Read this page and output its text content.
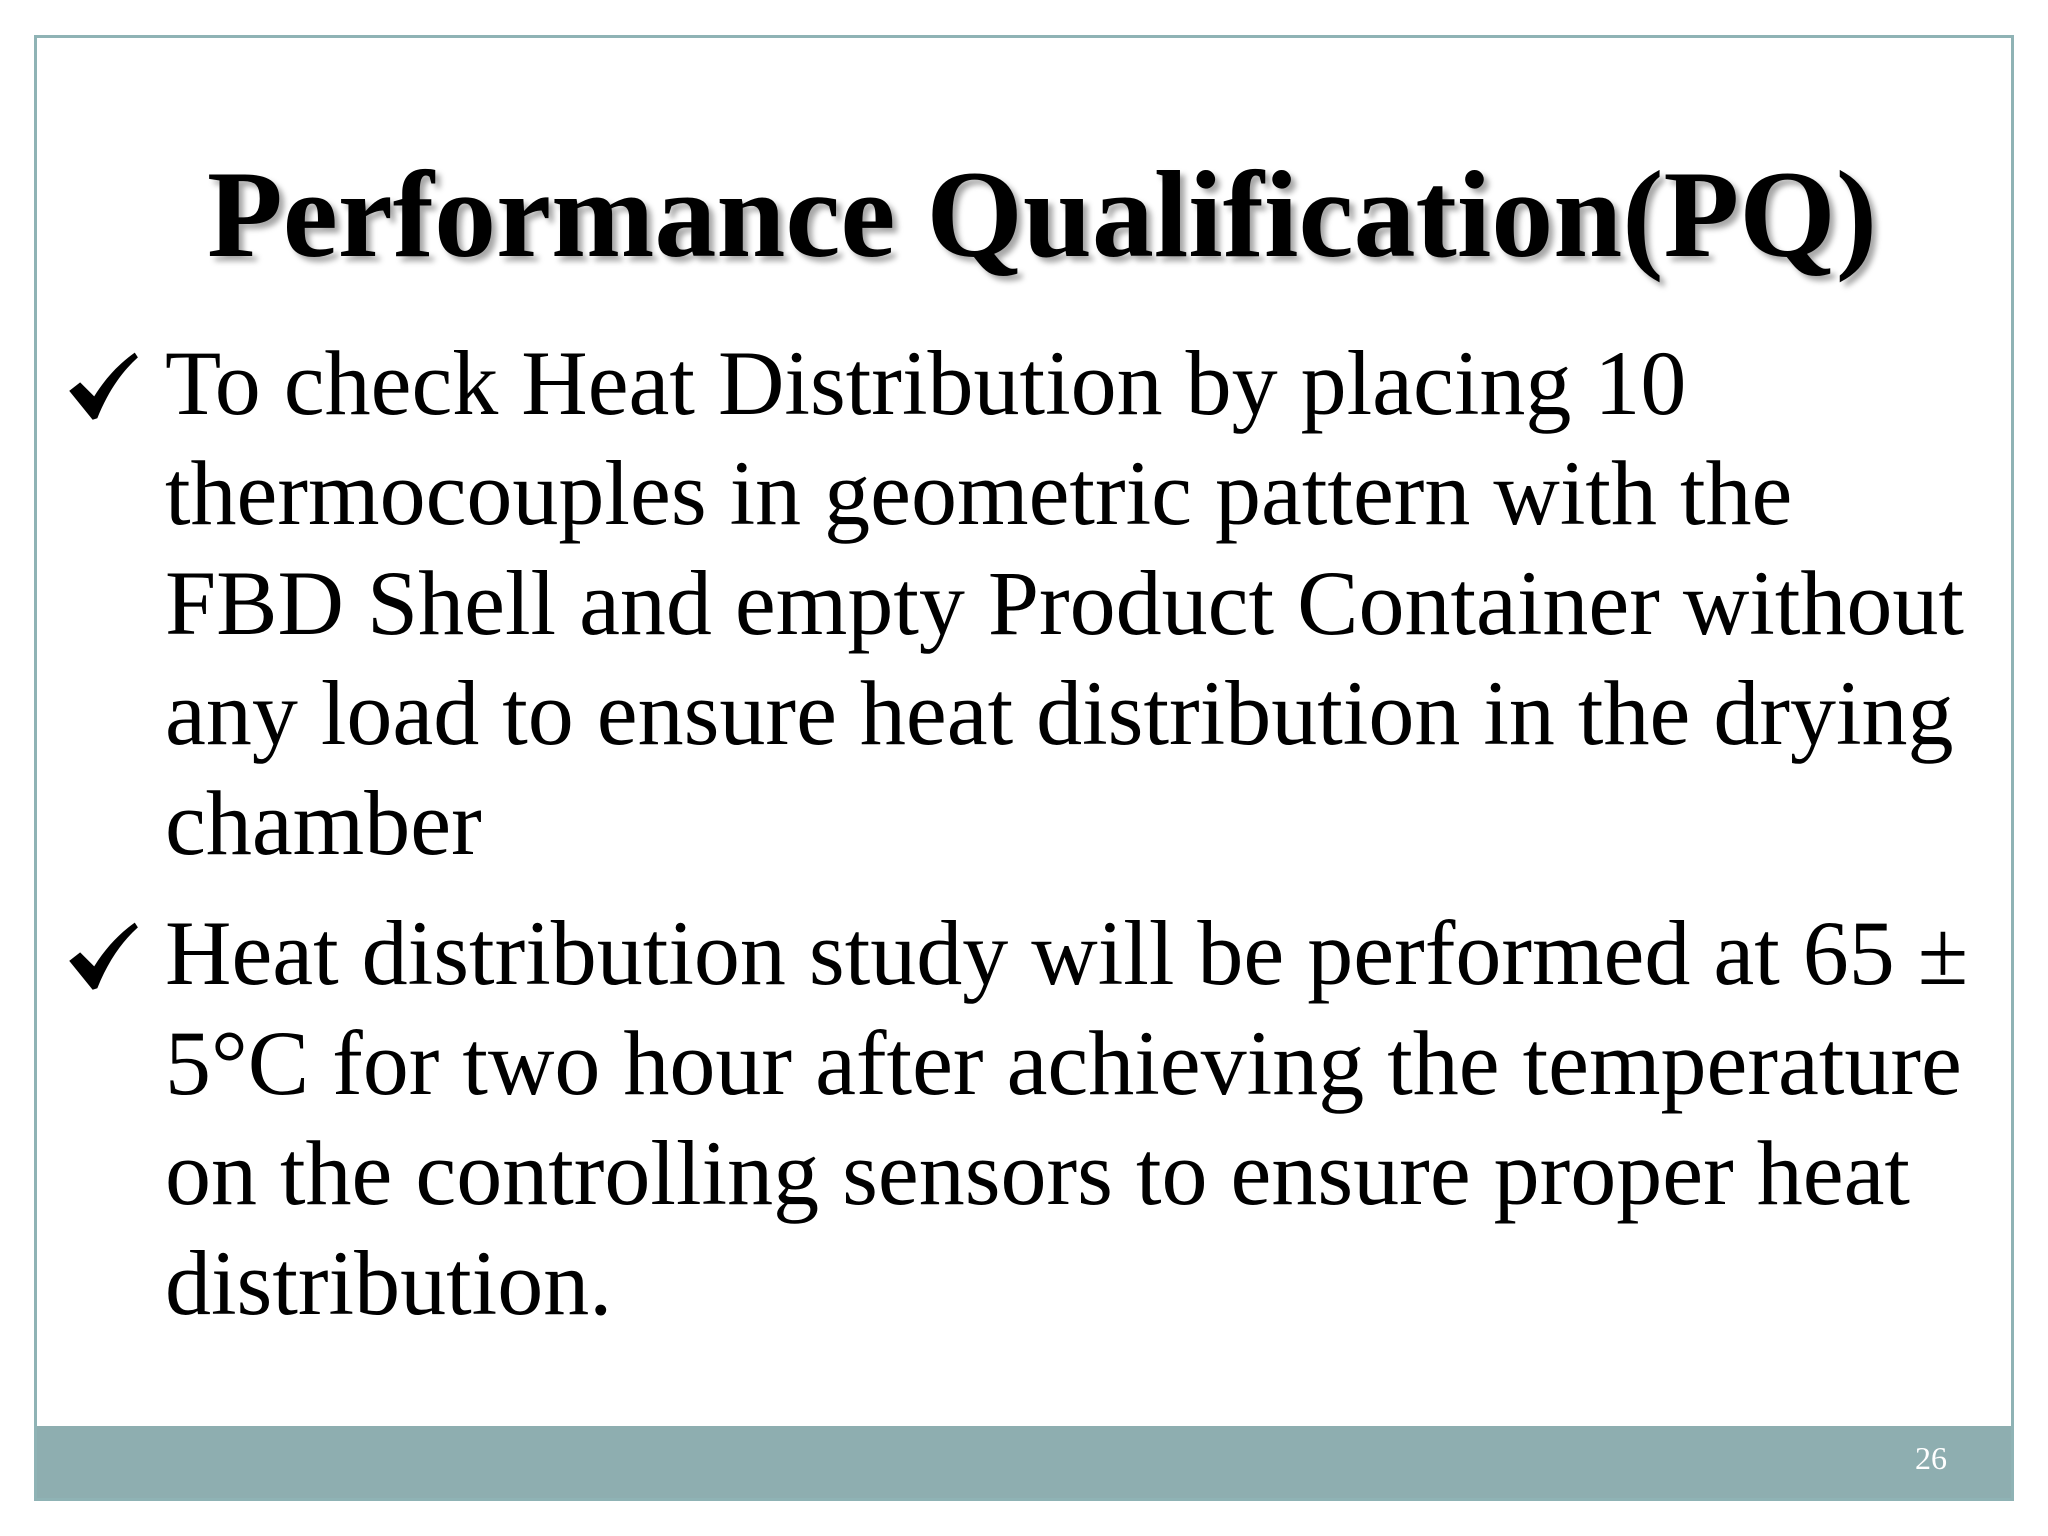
Performance Qualification(PQ)
To check Heat Distribution by placing 10 thermocouples in geometric pattern with the FBD Shell and empty Product Container without any load to ensure heat distribution in the drying chamber
Heat distribution study will be performed at 65 ± 5°C for two hour after achieving the temperature on the controlling sensors to ensure proper heat distribution.
26
